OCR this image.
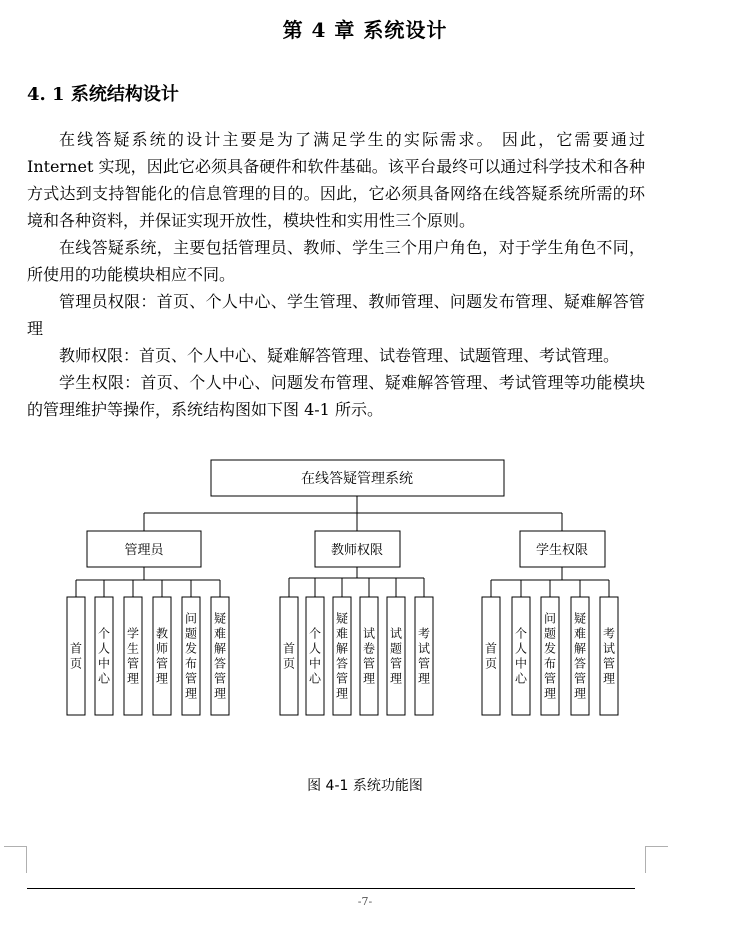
第 4 章 系统设计
4. 1 系统结构设计

在线答疑系统的设计主要是为了满足学生的实际需求。 因此，它需要通过 Internet 实现，因此它必须具备硬件和软件基础。该平台最终可以通过科学技术和各种方式达到支持智能化的信息管理的目的。因此，它必须具备网络在线答疑系统所需的环境和各种资料，并保证实现开放性，模块性和实用性三个原则。

在线答疑系统，主要包括管理员、教师、学生三个用户角色，对于学生角色不同，所使用的功能模块相应不同。

管理员权限：首页、个人中心、学生管理、教师管理、问题发布管理、疑难解答管理

教师权限：首页、个人中心、疑难解答管理、试卷管理、试题管理、考试管理。

学生权限：首页、个人中心、问题发布管理、疑难解答管理、考试管理等功能模块的管理维护等操作，系统结构图如下图 4-1 所示。

在线答疑管理系统
管理员	教师权限	学生权限
首页
个人中心
学生管理
教师管理
问题发布管理
疑难解答管理
首页
个人中心
疑难解答管理
试卷管理
试题管理
考试管理
首页
个人中心
问题发布管理
疑难解答管理
考试管理
图 4-1 系统功能图
-7-
